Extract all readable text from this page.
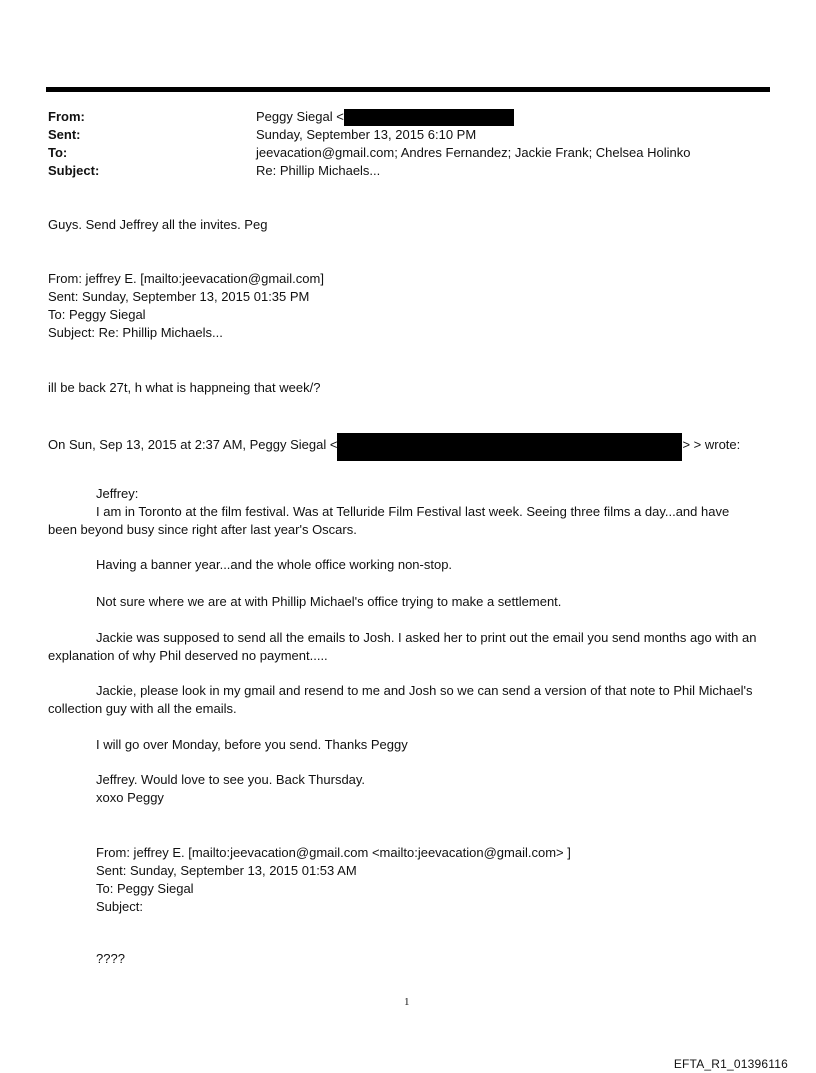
From:	Peggy Siegal <
Sent:	Sunday, September 13, 2015 6:10 PM
To:	jeevacation@gmail.com; Andres Fernandez; Jackie Frank; Chelsea Holinko
Subject:	Re: Phillip Michaels...
Guys. Send Jeffrey all the invites. Peg
From: jeffrey E. [mailto:jeevacation@gmail.com]
Sent: Sunday, September 13, 2015 01:35 PM
To: Peggy Siegal
Subject: Re: Phillip Michaels...
ill be back 27t, h what is happneing that week/?
On Sun, Sep 13, 2015 at 2:37 AM, Peggy Siegal <	> > wrote:
Jeffrey:
I am in Toronto at the film festival. Was at Telluride Film Festival last week. Seeing three films a day...and have been beyond busy since right after last year's Oscars.
Having a banner year...and the whole office working non-stop.
Not sure where we are at with Phillip Michael's office trying to make a settlement.
Jackie was supposed to send all the emails to Josh. I asked her to print out the email you send months ago with an explanation of why Phil deserved no payment.....
Jackie, please look in my gmail and resend to me and Josh so we can send a version of that note to Phil Michael's collection guy with all the emails.
I will go over Monday, before you send. Thanks Peggy
Jeffrey. Would love to see you. Back Thursday.
xoxo Peggy
From: jeffrey E. [mailto:jeevacation@gmail.com <mailto:jeevacation@gmail.com> ]
Sent: Sunday, September 13, 2015 01:53 AM
To: Peggy Siegal
Subject:
????
1
EFTA_R1_01396116
